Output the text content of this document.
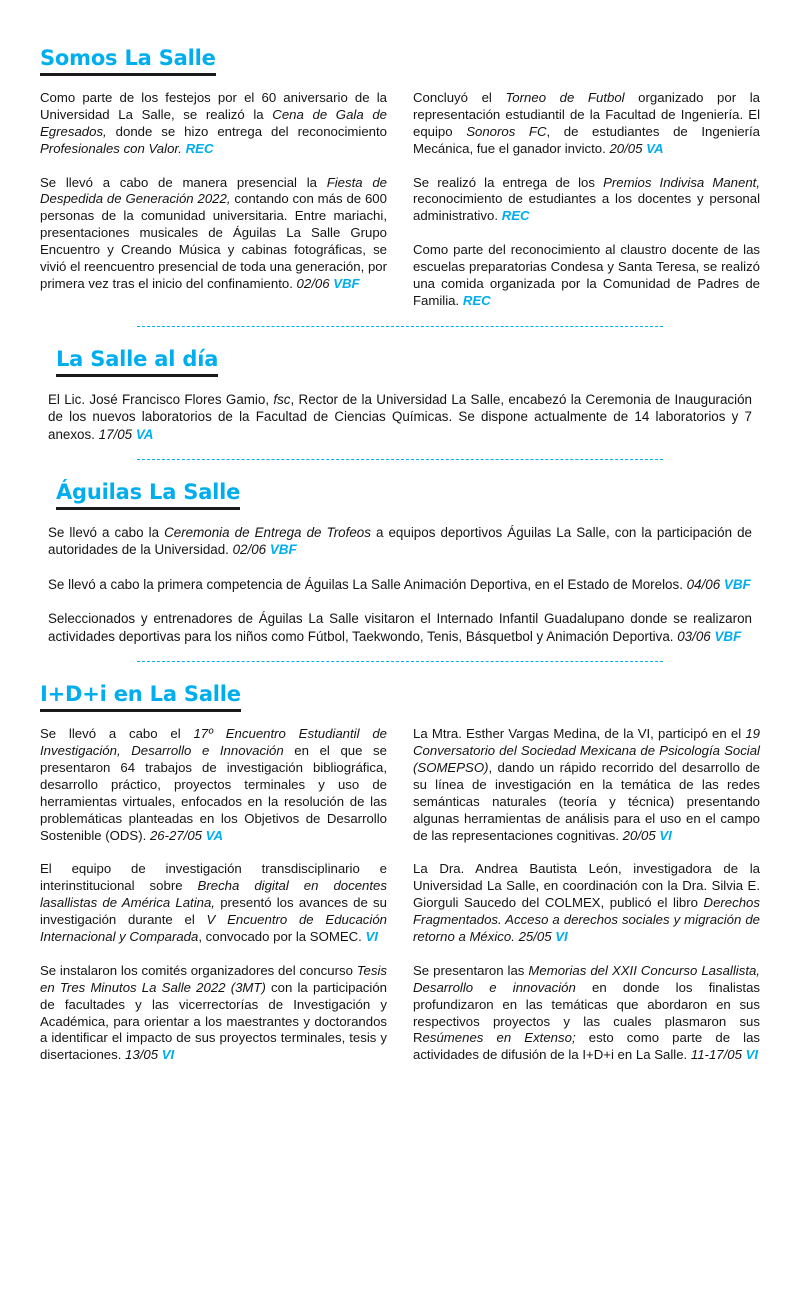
Somos La Salle

Como parte de los festejos por el 60 aniversario de la Universidad La Salle, se realizó la Cena de Gala de Egresados, donde se hizo entrega del reconocimiento Profesionales con Valor. REC

Se llevó a cabo de manera presencial la Fiesta de Despedida de Generación 2022, contando con más de 600 personas de la comunidad universitaria. Entre mariachi, presentaciones musicales de Águilas La Salle Grupo Encuentro y Creando Música y cabinas fotográficas, se vivió el reencuentro presencial de toda una generación, por primera vez tras el inicio del confinamiento. 02/06 VBF

Concluyó el Torneo de Futbol organizado por la representación estudiantil de la Facultad de Ingeniería. El equipo Sonoros FC, de estudiantes de Ingeniería Mecánica, fue el ganador invicto. 20/05 VA

Se realizó la entrega de los Premios Indivisa Manent, reconocimiento de estudiantes a los docentes y personal administrativo. REC

Como parte del reconocimiento al claustro docente de las escuelas preparatorias Condesa y Santa Teresa, se realizó una comida organizada por la Comunidad de Padres de Familia. REC

La Salle al día

El Lic. José Francisco Flores Gamio, fsc, Rector de la Universidad La Salle, encabezó la Ceremonia de Inauguración de los nuevos laboratorios de la Facultad de Ciencias Químicas. Se dispone actualmente de 14 laboratorios y 7 anexos. 17/05 VA

Águilas La Salle

Se llevó a cabo la Ceremonia de Entrega de Trofeos a equipos deportivos Águilas La Salle, con la participación de autoridades de la Universidad. 02/06 VBF

Se llevó a cabo la primera competencia de Águilas La Salle Animación Deportiva, en el Estado de Morelos. 04/06 VBF

Seleccionados y entrenadores de Águilas La Salle visitaron el Internado Infantil Guadalupano donde se realizaron actividades deportivas para los niños como Fútbol, Taekwondo, Tenis, Básquetbol y Animación Deportiva. 03/06 VBF

I+D+i en La Salle

Se llevó a cabo el 17º Encuentro Estudiantil de Investigación, Desarrollo e Innovación en el que se presentaron 64 trabajos de investigación bibliográfica, desarrollo práctico, proyectos terminales y uso de herramientas virtuales, enfocados en la resolución de las problemáticas planteadas en los Objetivos de Desarrollo Sostenible (ODS). 26-27/05 VA

El equipo de investigación transdisciplinario e interinstitucional sobre Brecha digital en docentes lasallistas de América Latina, presentó los avances de su investigación durante el V Encuentro de Educación Internacional y Comparada, convocado por la SOMEC. VI

Se instalaron los comités organizadores del concurso Tesis en Tres Minutos La Salle 2022 (3MT) con la participación de facultades y las vicerrectorías de Investigación y Académica, para orientar a los maestrantes y doctorandos a identificar el impacto de sus proyectos terminales, tesis y disertaciones. 13/05 VI

La Mtra. Esther Vargas Medina, de la VI, participó en el 19 Conversatorio del Sociedad Mexicana de Psicología Social (SOMEPSO), dando un rápido recorrido del desarrollo de su línea de investigación en la temática de las redes semánticas naturales (teoría y técnica) presentando algunas herramientas de análisis para el uso en el campo de las representaciones cognitivas. 20/05 VI

La Dra. Andrea Bautista León, investigadora de la Universidad La Salle, en coordinación con la Dra. Silvia E. Giorguli Saucedo del COLMEX, publicó el libro Derechos Fragmentados. Acceso a derechos sociales y migración de retorno a México. 25/05 VI

Se presentaron las Memorias del XXII Concurso Lasallista, Desarrollo e innovación en donde los finalistas profundizaron en las temáticas que abordaron en sus respectivos proyectos y las cuales plasmaron sus Resúmenes en Extenso; esto como parte de las actividades de difusión de la I+D+i en La Salle. 11-17/05 VI
